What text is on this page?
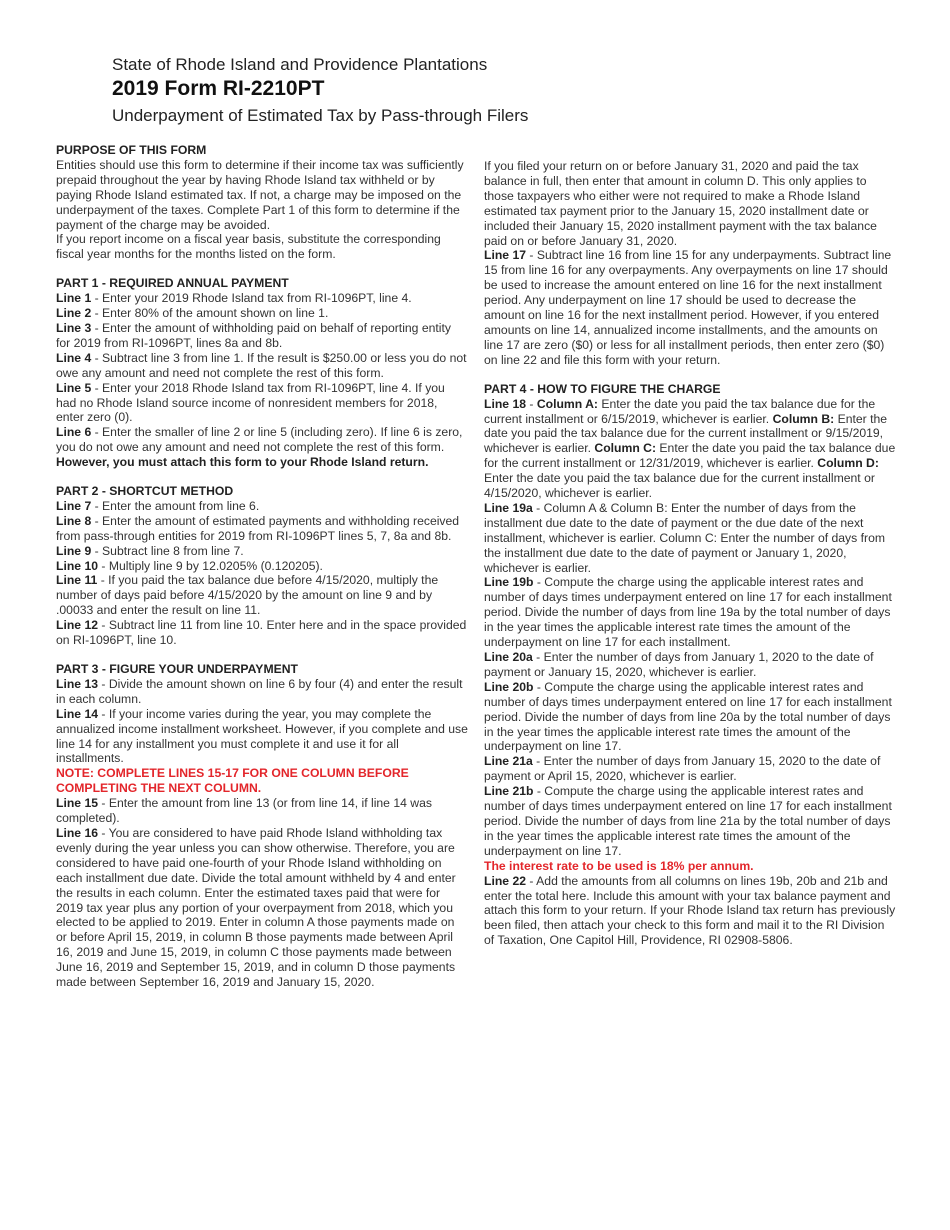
State of Rhode Island and Providence Plantations
2019 Form RI-2210PT
Underpayment of Estimated Tax by Pass-through Filers

PURPOSE OF THIS FORM

Entities should use this form to determine if their income tax was sufficiently prepaid throughout the year by having Rhode Island tax withheld or by paying Rhode Island estimated tax. If not, a charge may be imposed on the underpayment of the taxes. Complete Part 1 of this form to determine if the payment of the charge may be avoided.

If you report income on a fiscal year basis, substitute the corresponding fiscal year months for the months listed on the form.

PART 1 - REQUIRED ANNUAL PAYMENT

Line 1 - Enter your 2019 Rhode Island tax from RI-1096PT, line 4.

Line 2 - Enter 80% of the amount shown on line 1.

Line 3 - Enter the amount of withholding paid on behalf of reporting entity for 2019 from RI-1096PT, lines 8a and 8b.

Line 4 - Subtract line 3 from line 1. If the result is $250.00 or less you do not owe any amount and need not complete the rest of this form.

Line 5 - Enter your 2018 Rhode Island tax from RI-1096PT, line 4. If you had no Rhode Island source income of nonresident members for 2018, enter zero (0).

Line 6 - Enter the smaller of line 2 or line 5 (including zero). If line 6 is zero, you do not owe any amount and need not complete the rest of this form. However, you must attach this form to your Rhode Island return.

PART 2 - SHORTCUT METHOD

Line 7 - Enter the amount from line 6.

Line 8 - Enter the amount of estimated payments and withholding received from pass-through entities for 2019 from RI-1096PT lines 5, 7, 8a and 8b.

Line 9 - Subtract line 8 from line 7.

Line 10 - Multiply line 9 by 12.0205% (0.120205).

Line 11 - If you paid the tax balance due before 4/15/2020, multiply the number of days paid before 4/15/2020 by the amount on line 9 and by .00033 and enter the result on line 11.

Line 12 - Subtract line 11 from line 10. Enter here and in the space provided on RI-1096PT, line 10.

PART 3 - FIGURE YOUR UNDERPAYMENT

Line 13 - Divide the amount shown on line 6 by four (4) and enter the result in each column.

Line 14 - If your income varies during the year, you may complete the annualized income installment worksheet. However, if you complete and use line 14 for any installment you must complete it and use it for all installments.

NOTE: COMPLETE LINES 15-17 FOR ONE COLUMN BEFORE COMPLETING THE NEXT COLUMN.

Line 15 - Enter the amount from line 13 (or from line 14, if line 14 was completed).

Line 16 - You are considered to have paid Rhode Island withholding tax evenly during the year unless you can show otherwise. Therefore, you are considered to have paid one-fourth of your Rhode Island withholding on each installment due date. Divide the total amount withheld by 4 and enter the results in each column. Enter the estimated taxes paid that were for 2019 tax year plus any portion of your overpayment from 2018, which you elected to be applied to 2019. Enter in column A those payments made on or before April 15, 2019, in column B those payments made between April 16, 2019 and June 15, 2019, in column C those payments made between June 16, 2019 and September 15, 2019, and in column D those payments made between September 16, 2019 and January 15, 2020.

If you filed your return on or before January 31, 2020 and paid the tax balance in full, then enter that amount in column D. This only applies to those taxpayers who either were not required to make a Rhode Island estimated tax payment prior to the January 15, 2020 installment date or included their January 15, 2020 installment payment with the tax balance paid on or before January 31, 2020.

Line 17 - Subtract line 16 from line 15 for any underpayments. Subtract line 15 from line 16 for any overpayments. Any overpayments on line 17 should be used to increase the amount entered on line 16 for the next installment period. Any underpayment on line 17 should be used to decrease the amount on line 16 for the next installment period. However, if you entered amounts on line 14, annualized income installments, and the amounts on line 17 are zero ($0) or less for all installment periods, then enter zero ($0) on line 22 and file this form with your return.

PART 4 - HOW TO FIGURE THE CHARGE

Line 18 - Column A: Enter the date you paid the tax balance due for the current installment or 6/15/2019, whichever is earlier. Column B: Enter the date you paid the tax balance due for the current installment or 9/15/2019, whichever is earlier. Column C: Enter the date you paid the tax balance due for the current installment or 12/31/2019, whichever is earlier. Column D: Enter the date you paid the tax balance due for the current installment or 4/15/2020, whichever is earlier.

Line 19a - Column A & Column B: Enter the number of days from the installment due date to the date of payment or the due date of the next installment, whichever is earlier. Column C: Enter the number of days from the installment due date to the date of payment or January 1, 2020, whichever is earlier.

Line 19b - Compute the charge using the applicable interest rates and number of days times underpayment entered on line 17 for each installment period. Divide the number of days from line 19a by the total number of days in the year times the applicable interest rate times the amount of the underpayment on line 17 for each installment.

Line 20a - Enter the number of days from January 1, 2020 to the date of payment or January 15, 2020, whichever is earlier.

Line 20b - Compute the charge using the applicable interest rates and number of days times underpayment entered on line 17 for each installment period. Divide the number of days from line 20a by the total number of days in the year times the applicable interest rate times the amount of the underpayment on line 17.

Line 21a - Enter the number of days from January 15, 2020 to the date of payment or April 15, 2020, whichever is earlier.

Line 21b - Compute the charge using the applicable interest rates and number of days times underpayment entered on line 17 for each installment period. Divide the number of days from line 21a by the total number of days in the year times the applicable interest rate times the amount of the underpayment on line 17.

The interest rate to be used is 18% per annum.

Line 22 - Add the amounts from all columns on lines 19b, 20b and 21b and enter the total here. Include this amount with your tax balance payment and attach this form to your return. If your Rhode Island tax return has previously been filed, then attach your check to this form and mail it to the RI Division of Taxation, One Capitol Hill, Providence, RI 02908-5806.
